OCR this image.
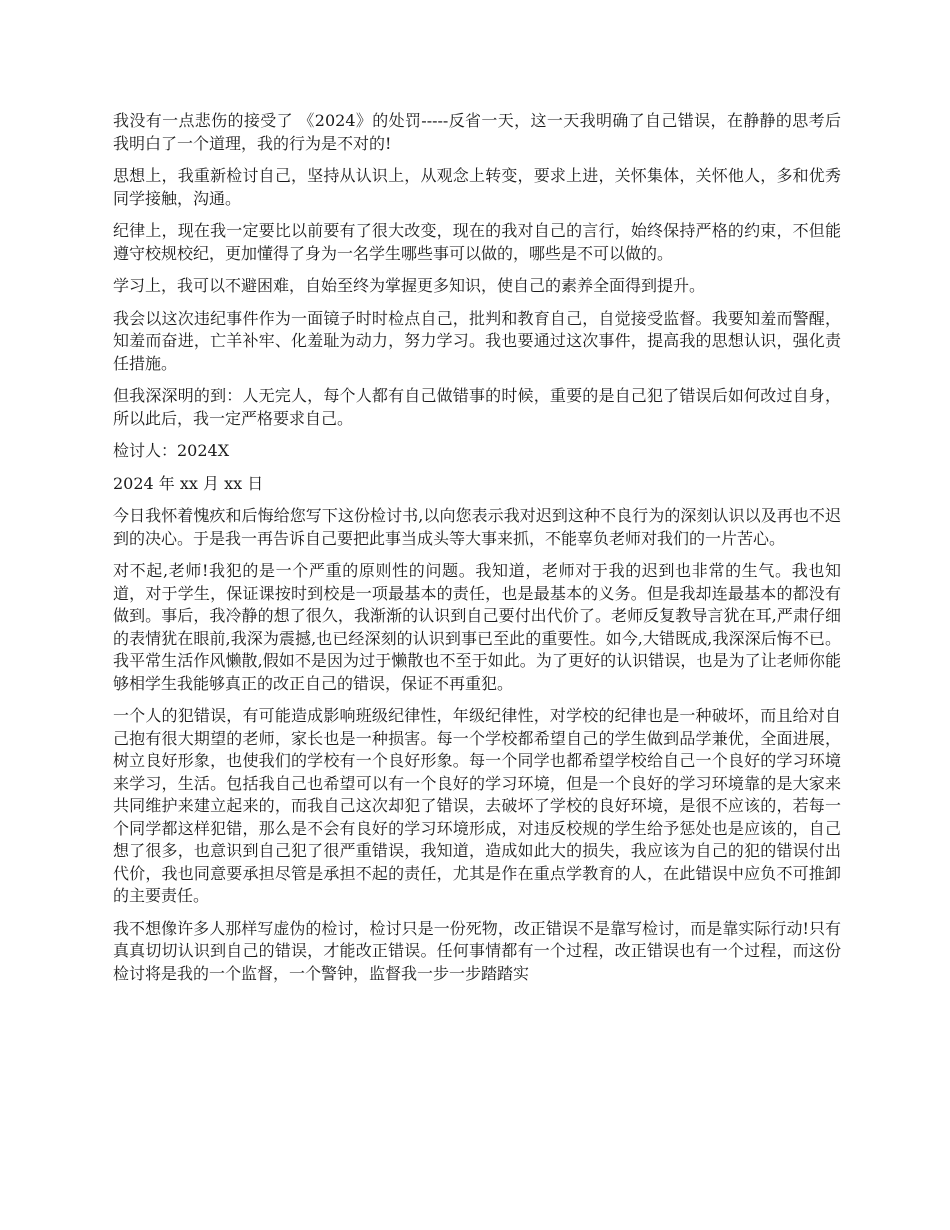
我没有一点悲伤的接受了 《2024》的处罚-----反省一天，这一天我明确了自己错误，在静静的思考后我明白了一个道理，我的行为是不对的!

思想上，我重新检讨自己，坚持从认识上，从观念上转变，要求上进，关怀集体，关怀他人，多和优秀同学接触，沟通。

纪律上，现在我一定要比以前要有了很大改变，现在的我对自己的言行，始终保持严格的约束，不但能遵守校规校纪，更加懂得了身为一名学生哪些事可以做的，哪些是不可以做的。

学习上，我可以不避困难，自始至终为掌握更多知识，使自己的素养全面得到提升。

我会以这次违纪事件作为一面镜子时时检点自己，批判和教育自己，自觉接受监督。我要知羞而警醒，知羞而奋进，亡羊补牢、化羞耻为动力，努力学习。我也要通过这次事件，提高我的思想认识，强化责任措施。

但我深深明的到：人无完人，每个人都有自己做错事的时候，重要的是自己犯了错误后如何改过自身，所以此后，我一定严格要求自己。

检讨人：2024X

2024 年 xx 月 xx 日

今日我怀着愧疚和后悔给您写下这份检讨书,以向您表示我对迟到这种不良行为的深刻认识以及再也不迟到的决心。于是我一再告诉自己要把此事当成头等大事来抓，不能辜负老师对我们的一片苦心。

对不起,老师!我犯的是一个严重的原则性的问题。我知道，老师对于我的迟到也非常的生气。我也知道，对于学生，保证课按时到校是一项最基本的责任，也是最基本的义务。但是我却连最基本的都没有做到。事后，我冷静的想了很久，我渐渐的认识到自己要付出代价了。老师反复教导言犹在耳,严肃仔细的表情犹在眼前,我深为震撼,也已经深刻的认识到事已至此的重要性。如今,大错既成,我深深后悔不已。我平常生活作风懒散,假如不是因为过于懒散也不至于如此。为了更好的认识错误，也是为了让老师你能够相学生我能够真正的改正自己的错误，保证不再重犯。

一个人的犯错误，有可能造成影响班级纪律性，年级纪律性，对学校的纪律也是一种破坏，而且给对自己抱有很大期望的老师，家长也是一种损害。每一个学校都希望自己的学生做到品学兼优，全面进展，树立良好形象，也使我们的学校有一个良好形象。每一个同学也都希望学校给自己一个良好的学习环境来学习，生活。包括我自己也希望可以有一个良好的学习环境，但是一个良好的学习环境靠的是大家来共同维护来建立起来的，而我自己这次却犯了错误，去破坏了学校的良好环境，是很不应该的，若每一个同学都这样犯错，那么是不会有良好的学习环境形成，对违反校规的学生给予惩处也是应该的，自己想了很多，也意识到自己犯了很严重错误，我知道，造成如此大的损失，我应该为自己的犯的错误付出代价，我也同意要承担尽管是承担不起的责任，尤其是作在重点学教育的人，在此错误中应负不可推卸的主要责任。

我不想像许多人那样写虚伪的检讨，检讨只是一份死物，改正错误不是靠写检讨，而是靠实际行动!只有真真切切认识到自己的错误，才能改正错误。任何事情都有一个过程，改正错误也有一个过程，而这份检讨将是我的一个监督，一个警钟，监督我一步一步踏踏实
